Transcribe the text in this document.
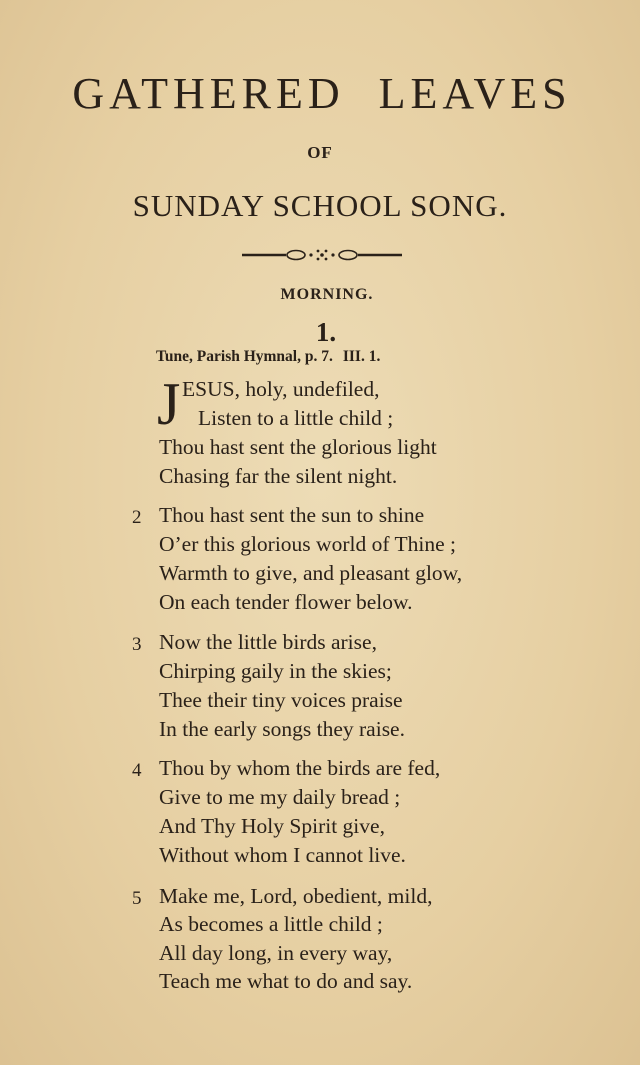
GATHERED LEAVES
OF
SUNDAY SCHOOL SONG.
MORNING.
1.
Tune, Parish Hymnal, p. 7. III. 1.
J ESUS, holy, undefiled,
Listen to a little child ;
Thou hast sent the glorious light
Chasing far the silent night.
2 Thou hast sent the sun to shine
O’er this glorious world of Thine ;
Warmth to give, and pleasant glow,
On each tender flower below.
3 Now the little birds arise,
Chirping gaily in the skies;
Thee their tiny voices praise
In the early songs they raise.
4 Thou by whom the birds are fed,
Give to me my daily bread ;
And Thy Holy Spirit give,
Without whom I cannot live.
5 Make me, Lord, obedient, mild,
As becomes a little child ;
All day long, in every way,
Teach me what to do and say.
